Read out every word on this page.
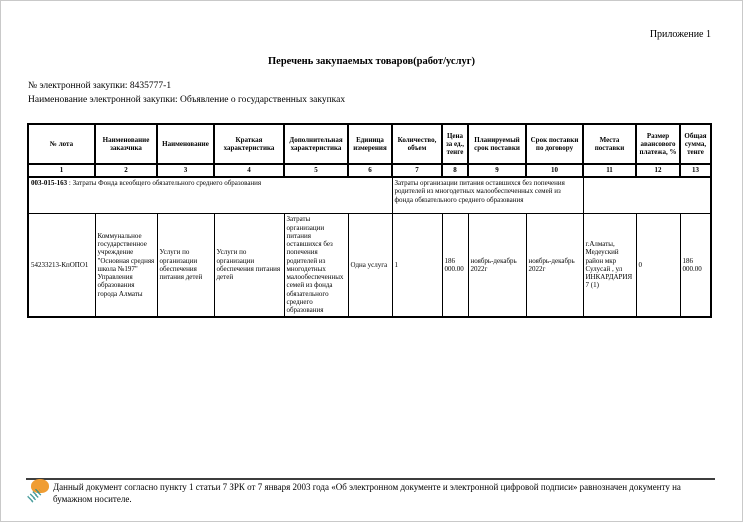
Приложение 1
Перечень закупаемых товаров(работ/услуг)
№ электронной закупки: 8435777-1
Наименование электронной закупки: Объявление о государственных закупках
№ лота	Наименование заказчика	Наименование	Краткая характеристика	Дополнительная характеристика	Единица измерения	Количество, объем	Цена за ед., тенге	Планируемый срок поставки	Срок поставки по договору	Места поставки	Размер авансового платежа, %	Общая сумма, тенге
1	2	3	4	5	6	7	8	9	10	11	12	13
003-015-163 : Затраты Фонда всеобщего обязательного среднего образования						Затраты организации питания оставшихся без попечения родителей из многодетных малообеспеченных семей из фонда обязательного среднего образования						
54233213-КпОПО1	Коммунальное государственное учреждение "Основная средняя школа №197" Управления образования города Алматы	Услуги по организации обеспечения питания детей	Услуги по организации обеспечения питания детей	Затраты организации питания оставшихся без попечения родителей из многодетных малообеспеченных семей из фонда обязательного среднего образования	Одна услуга	1	186 000.00	ноябрь-декабрь 2022г	ноябрь-декабрь 2022г	г.Алматы, Медеуский район мкр Сулусай , ул ИНКАРДАРИЯ 7 (1)	0	186 000.00
Данный документ согласно пункту 1 статьи 7 ЗРК от 7 января 2003 года «Об электронном документе и электронной цифровой подписи» равнозначен документу на бумажном носителе.
